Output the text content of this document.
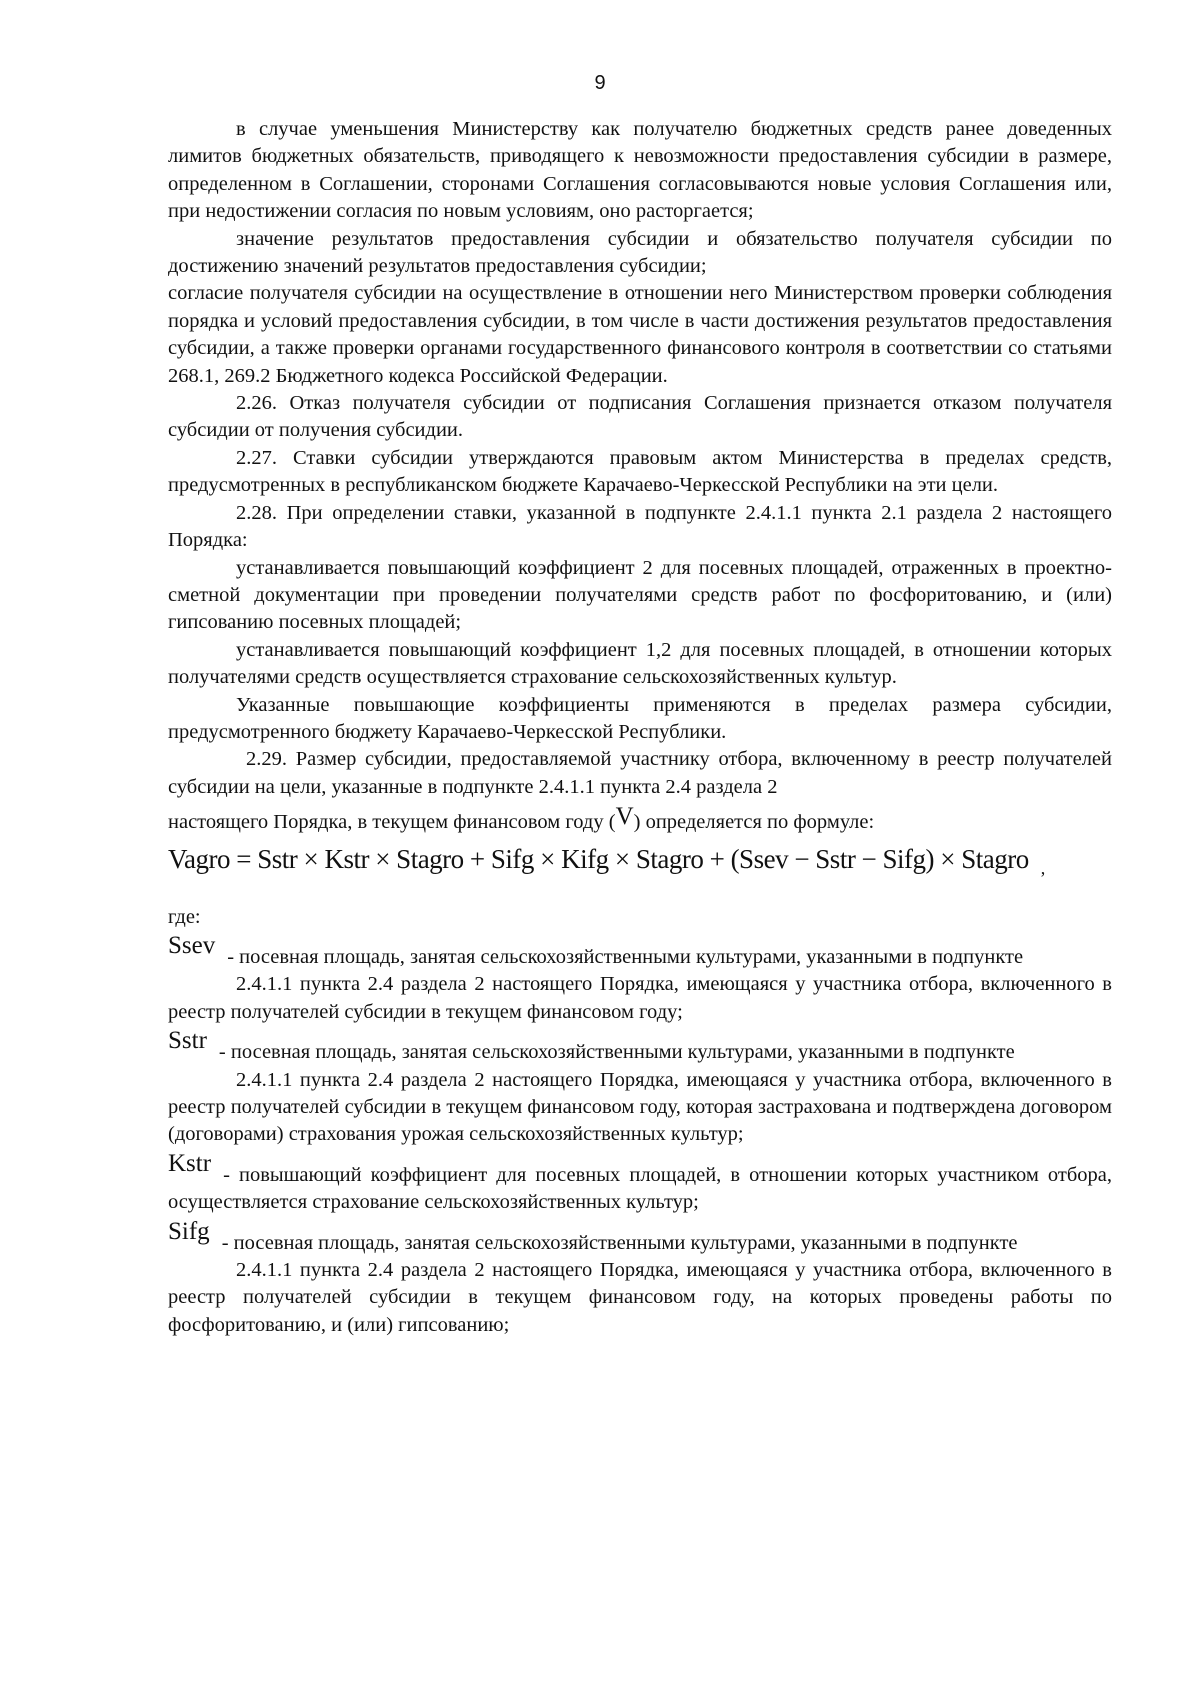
9

в случае уменьшения Министерству как получателю бюджетных средств ранее доведенных лимитов бюджетных обязательств, приводящего к невозможности предоставления субсидии в размере, определенном в Соглашении, сторонами Соглашения согласовываются новые условия Соглашения или, при недостижении согласия по новым условиям, оно расторгается;

значение результатов предоставления субсидии и обязательство получателя субсидии по достижению значений результатов предоставления субсидии;

согласие получателя субсидии на осуществление в отношении него Министерством проверки соблюдения порядка и условий предоставления субсидии, в том числе в части достижения результатов предоставления субсидии, а также проверки органами государственного финансового контроля в соответствии со статьями 268.1, 269.2 Бюджетного кодекса Российской Федерации.

2.26. Отказ получателя субсидии от подписания Соглашения признается отказом получателя субсидии от получения субсидии.

2.27. Ставки субсидии утверждаются правовым актом Министерства в пределах средств, предусмотренных в республиканском бюджете Карачаево-Черкесской Республики на эти цели.

2.28. При определении ставки, указанной в подпункте 2.4.1.1 пункта 2.1 раздела 2 настоящего Порядка:

устанавливается повышающий коэффициент 2 для посевных площадей, отраженных в проектно-сметной документации при проведении получателями средств работ по фосфоритованию, и (или) гипсованию посевных площадей;

устанавливается повышающий коэффициент 1,2 для посевных площадей, в отношении которых получателями средств осуществляется страхование сельскохозяйственных культур.

Указанные повышающие коэффициенты применяются в пределах размера субсидии, предусмотренного бюджету Карачаево-Черкесской Республики.

2.29. Размер субсидии, предоставляемой участнику отбора, включенному в реестр получателей субсидии на цели, указанные в подпункте 2.4.1.1 пункта 2.4 раздела 2

настоящего Порядка, в текущем финансовом году (V) определяется по формуле:

Vagro = Sstr × Kstr × Stagro + Sifg × Kifg × Stagro + (Ssev − Sstr − Sifg) × Stagro $_,$

где:

Ssev - посевная площадь, занятая сельскохозяйственными культурами, указанными в подпункте

2.4.1.1 пункта 2.4 раздела 2 настоящего Порядка, имеющаяся у участника отбора, включенного в реестр получателей субсидии в текущем финансовом году;

Sstr - посевная площадь, занятая сельскохозяйственными культурами, указанными в подпункте

2.4.1.1 пункта 2.4 раздела 2 настоящего Порядка, имеющаяся у участника отбора, включенного в реестр получателей субсидии в текущем финансовом году, которая застрахована и подтверждена договором (договорами) страхования урожая сельскохозяйственных культур;

Kstr - повышающий коэффициент для посевных площадей, в отношении которых участником отбора, осуществляется страхование сельскохозяйственных культур;

Sifg - посевная площадь, занятая сельскохозяйственными культурами, указанными в подпункте

2.4.1.1 пункта 2.4 раздела 2 настоящего Порядка, имеющаяся у участника отбора, включенного в реестр получателей субсидии в текущем финансовом году, на которых проведены работы по фосфоритованию, и (или) гипсованию;
